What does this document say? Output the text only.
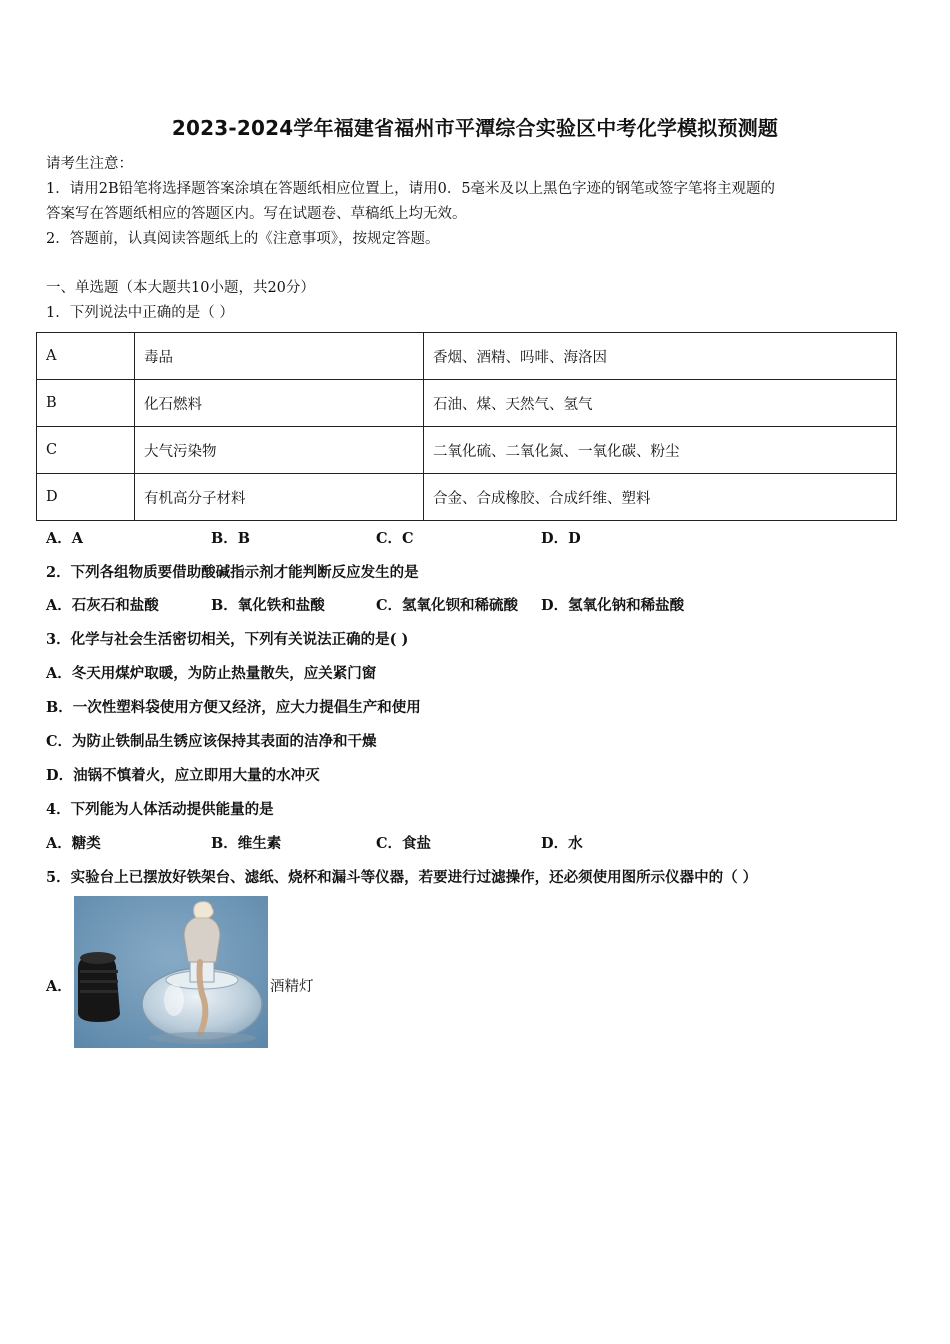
2023-2024学年福建省福州市平潭综合实验区中考化学模拟预测题
请考生注意：
1．请用2B铅笔将选择题答案涂填在答题纸相应位置上，请用0．5毫米及以上黑色字迹的钢笔或签字笔将主观题的
答案写在答题纸相应的答题区内。写在试题卷、草稿纸上均无效。
2．答题前，认真阅读答题纸上的《注意事项》，按规定答题。
一、单选题（本大题共10小题，共20分）
1．下列说法中正确的是（ ）
A	毒品	香烟、酒精、吗啡、海洛因
B	化石燃料	石油、煤、天然气、氢气
C	大气污染物	二氧化硫、二氧化氮、一氧化碳、粉尘
D	有机高分子材料	合金、合成橡胶、合成纤维、塑料
A．A	B．B	C．C	D．D
2．下列各组物质要借助酸碱指示剂才能判断反应发生的是
A．石灰石和盐酸	B．氧化铁和盐酸	C．氢氧化钡和稀硫酸 D．氢氧化钠和稀盐酸
3．化学与社会生活密切相关，下列有关说法正确的是( )
A．冬天用煤炉取暖，为防止热量散失，应关紧门窗
B．一次性塑料袋使用方便又经济，应大力提倡生产和使用
C．为防止铁制品生锈应该保持其表面的洁净和干燥
D．油锅不慎着火，应立即用大量的水冲灭
4．下列能为人体活动提供能量的是
A．糖类	B．维生素	C．食盐	D．水
5．实验台上已摆放好铁架台、滤纸、烧杯和漏斗等仪器，若要进行过滤操作，还必须使用图所示仪器中的（ ）
A．	酒精灯
